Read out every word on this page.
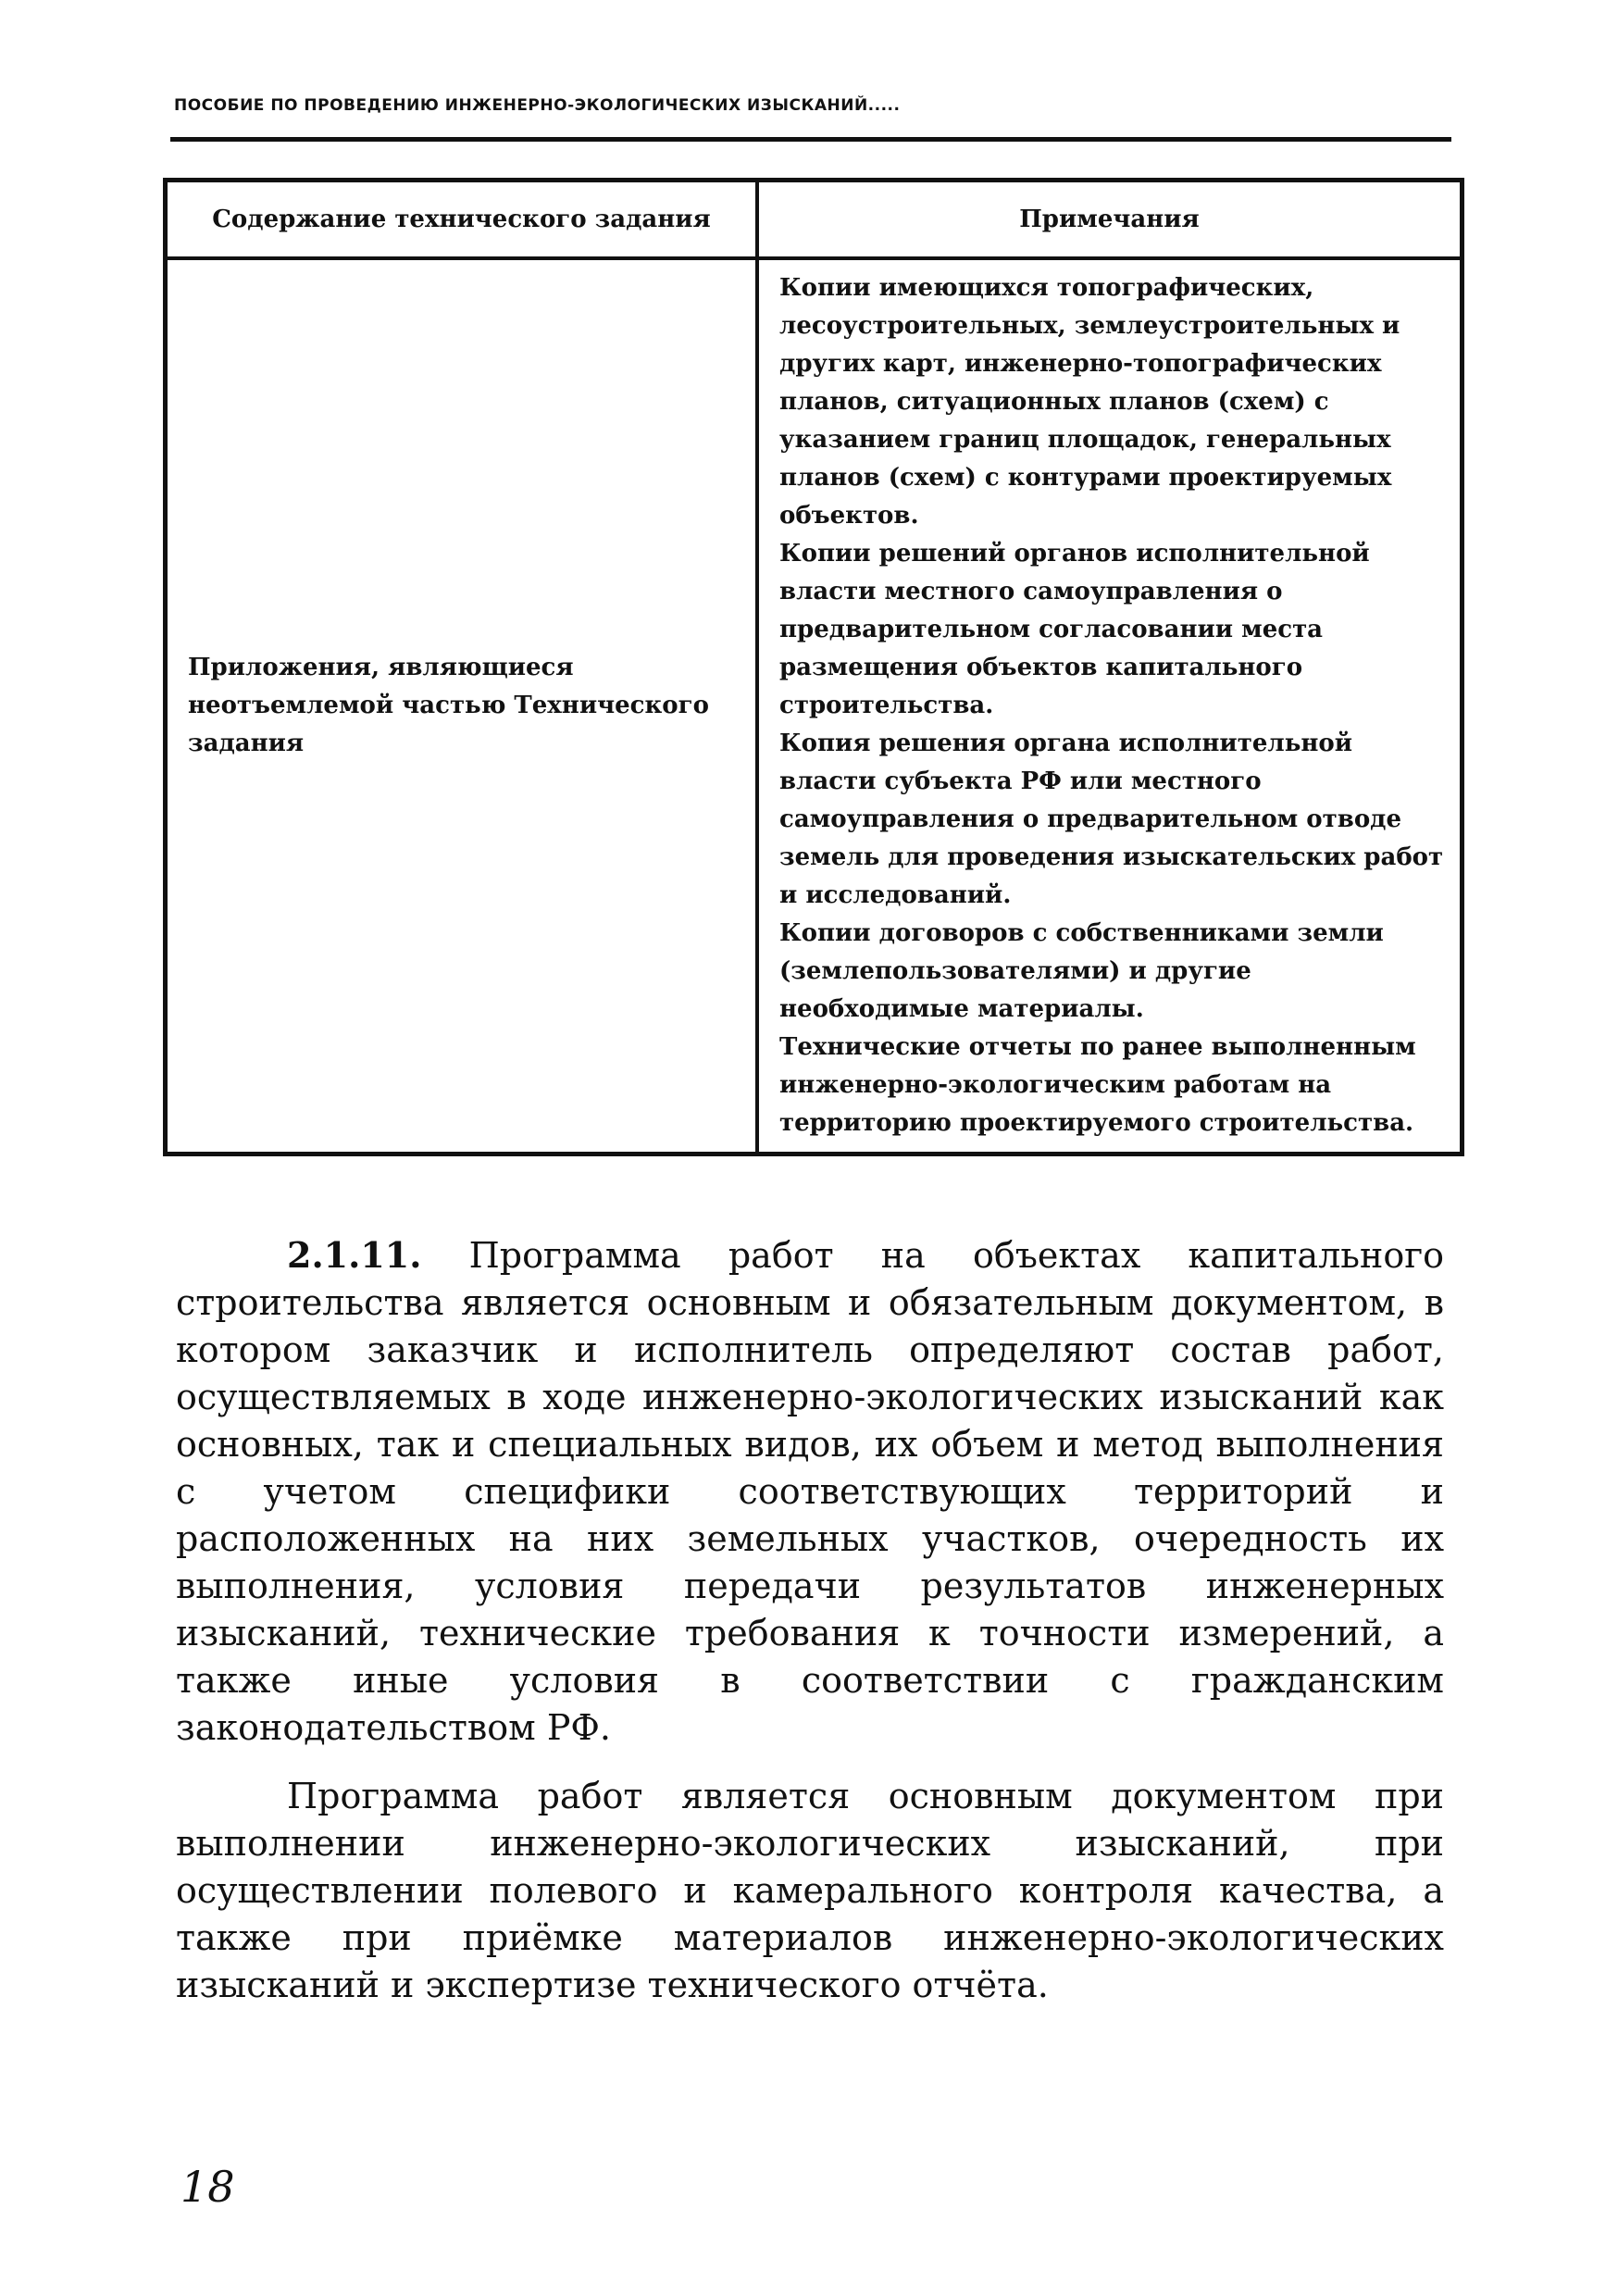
ПОСОБИЕ ПО ПРОВЕДЕНИЮ ИНЖЕНЕРНО-ЭКОЛОГИЧЕСКИХ ИЗЫСКАНИЙ.....
Содержание технического задания	Примечания
Приложения, являющиеся неотъемлемой частью Технического задания	Копии имеющихся топографических, лесоустроительных, землеустроительных и других карт, инженерно-топографических планов, ситуационных планов (схем) с указанием границ площадок, генеральных планов (схем) с контурами проектируемых объектов.
Копии решений органов исполнительной власти местного самоуправления о предварительном согласовании места размещения объектов капитального строительства.
Копия решения органа исполнительной власти субъекта РФ или местного самоуправления о предварительном отводе земель для проведения изыскательских работ и исследований.
Копии договоров с собственниками земли (землепользователями) и другие необходимые материалы.
Технические отчеты по ранее выполненным инженерно-экологическим работам на территорию проектируемого строительства.

2.1.11. Программа работ на объектах капитального строительства является основным и обязательным документом, в котором заказчик и исполнитель определяют состав работ, осуществляемых в ходе инженерно-экологических изысканий как основных, так и специальных видов, их объем и метод выполнения с учетом специфики соответствующих территорий и расположенных на них земельных участков, очередность их выполнения, условия передачи результатов инженерных изысканий, технические требования к точности измерений, а также иные условия в соответствии с гражданским законодательством РФ.

Программа работ является основным документом при выполнении инженерно-экологических изысканий, при осуществлении полевого и камерального контроля качества, а также при приёмке материалов инженерно-экологических изысканий и экспертизе технического отчёта.

18
